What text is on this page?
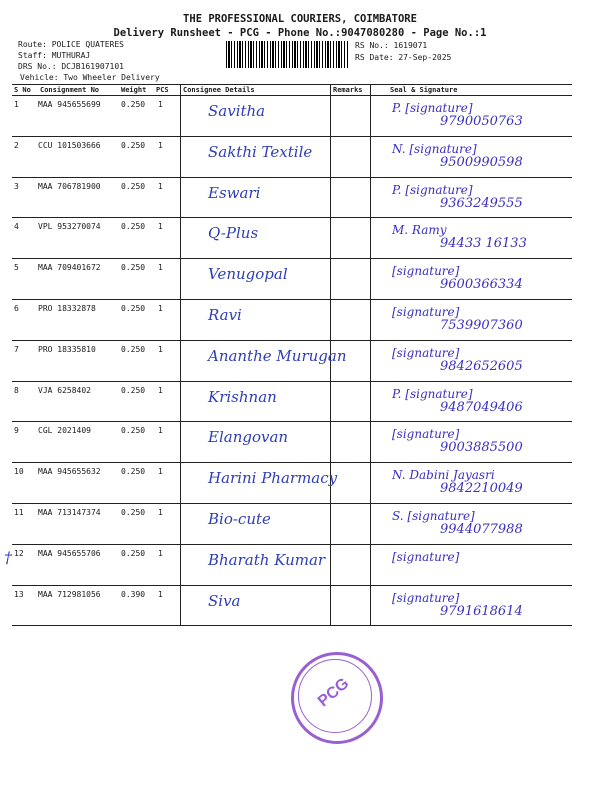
THE PROFESSIONAL COURIERS, COIMBATORE
Delivery Runsheet - PCG - Phone No.:9047080280 - Page No.:1
Route: POLICE QUATERES
Staff: MUTHURAJ
DRS No.: DCJB161907101
Vehicle: Two Wheeler Delivery
RS No.: 1619071
RS Date: 27-Sep-2025
S No Consignment No	Weight PCS Consignee Details	Remarks	Seal & Signature
1 MAA 945655699	0.250 1	Savitha	P. [signature]
9790050763
2 CCU 101503666	0.250 1	Sakthi Textile	N. [signature]
9500990598
3 MAA 706781900	0.250 1	Eswari	P. [signature]
9363249555
4 VPL 953270074	0.250 1	Q-Plus	M. Ramy
94433 16133
5 MAA 709401672	0.250 1	Venugopal	[signature]
9600366334
6 PRO 18332878	0.250 1	Ravi	[signature]
7539907360
7 PRO 18335810	0.250 1	Ananthe Murugan	[signature]
9842652605
8 VJA 6258402	0.250 1	Krishnan	P. [signature]
9487049406
9 CGL 2021409	0.250 1	Elangovan	[signature]
9003885500
10 MAA 945655632	0.250 1	Harini Pharmacy	N. Dabini Jayasri
9842210049
11 MAA 713147374	0.250 1	Bio-cute	S. [signature]
9944077988
12 MAA 945655706	0.250 1	Bharath Kumar	[signature]
13 MAA 712981056	0.390 1	Siva	[signature]
9791618614
†
PCG
